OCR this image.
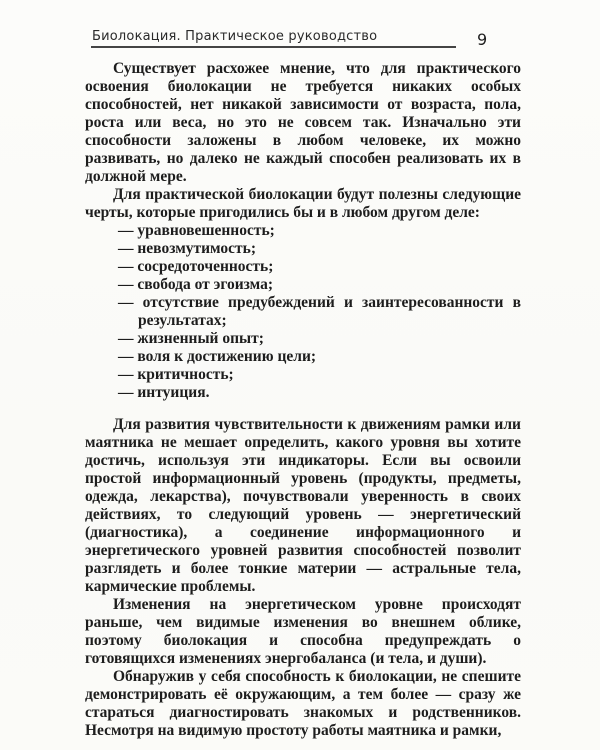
Биолокация. Практическое руководство	9

Существует расхожее мнение, что для практического освоения биолокации не требуется никаких особых способностей, нет никакой зависимости от возраста, пола, роста или веса, но это не совсем так. Изначально эти способности заложены в любом человеке, их можно развивать, но далеко не каждый способен реализовать их в должной мере.

Для практической биолокации будут полезны следующие черты, которые пригодились бы и в любом другом деле:

— уравновешенность;
— невозмутимость;
— сосредоточенность;
— свобода от эгоизма;
— отсутствие предубеждений и заинтересованности в результатах;
— жизненный опыт;
— воля к достижению цели;
— критичность;
— интуиция.

Для развития чувствительности к движениям рамки или маятника не мешает определить, какого уровня вы хотите достичь, используя эти индикаторы. Если вы освоили простой информационный уровень (продукты, предметы, одежда, лекарства), почувствовали уверенность в своих действиях, то следующий уровень — энергетический (диагностика), а соединение информационного и энергетического уровней развития способностей позволит разглядеть и более тонкие материи — астральные тела, кармические проблемы.

Изменения на энергетическом уровне происходят раньше, чем видимые изменения во внешнем облике, поэтому биолокация и способна предупреждать о готовящихся изменениях энергобаланса (и тела, и души).

Обнаружив у себя способность к биолокации, не спешите демонстрировать её окружающим, а тем более — сразу же стараться диагностировать знакомых и родственников. Несмотря на видимую простоту работы маятника и рамки,
